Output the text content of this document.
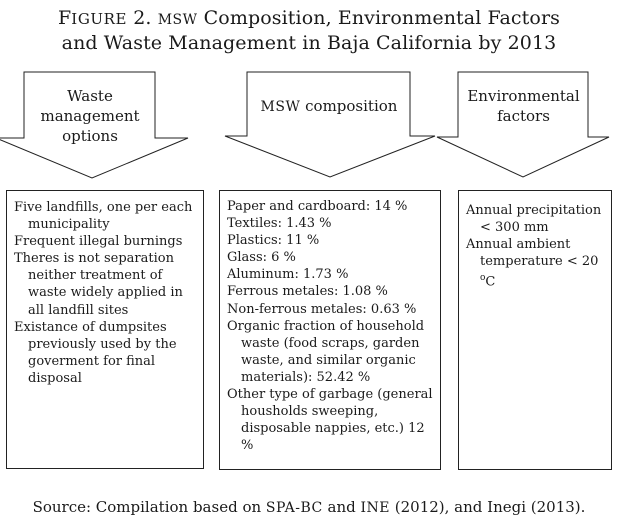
FIGURE 2. MSW Composition, Environmental Factors
and Waste Management in Baja California by 2013
Waste management
options
MSW composition
Environmental
factors
Five landfills, one per each municipality
Frequent illegal burnings
Theres is not separation neither treatment of waste widely applied in all landfill sites
Existance of dumpsites previously used by the goverment for final disposal
Paper and cardboard: 14 %
Textiles: 1.43 %
Plastics: 11 %
Glass: 6 %
Aluminum: 1.73 %
Ferrous metales: 1.08 %
Non-ferrous metales: 0.63 %
Organic fraction of household waste (food scraps, garden waste, and similar organic materials): 52.42 %
Other type of garbage (general housholds sweeping, disposable nappies, etc.) 12 %
Annual precipitation < 300 mm
Annual ambient temperature < 20 $^o$C
Source: Compilation based on SPA-BC and INE (2012), and Inegi (2013).
